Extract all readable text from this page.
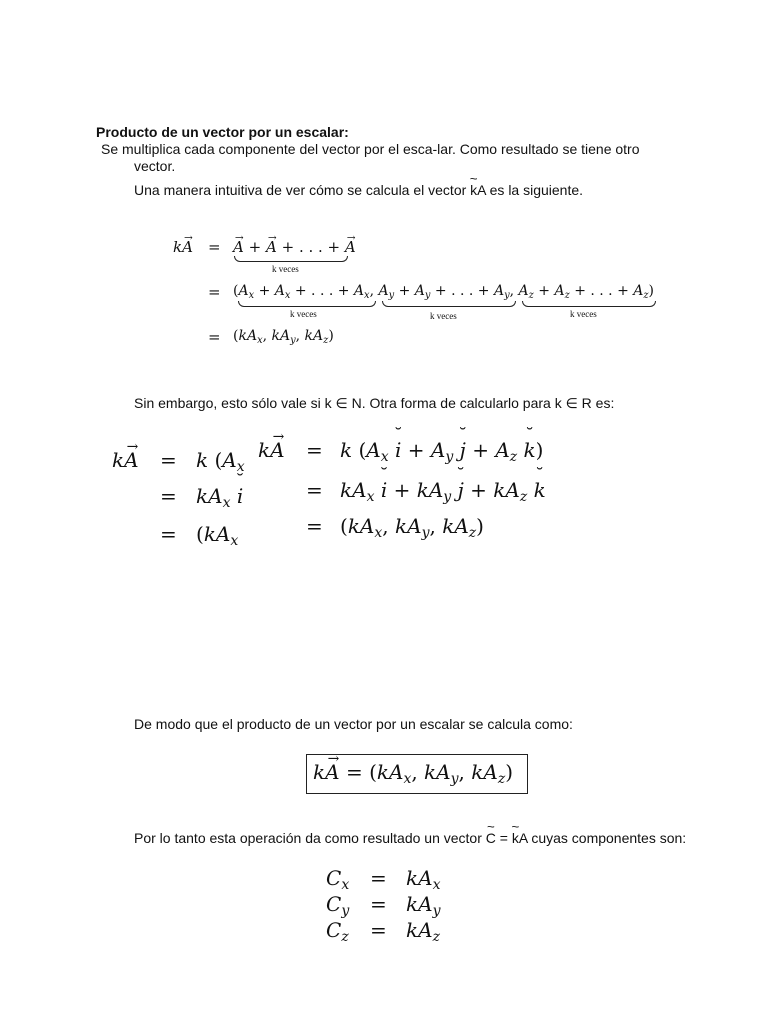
Producto de un vector por un escalar:
Se multiplica cada componente del vector por el esca-lar. Como resultado se tiene otro
vector.
Una manera intuitiva de ver cómo se calcula el vector ~ kA es la siguiente.
k→ A = → A + → A + . . . + → A
k veces
= ($A_x + A_x$ + . . . + $A_x$, $A_y + A_y$ + . . . + $A_y$, $A_z + A_z$ + . . . + $A_z$)
k veces	k veces	k veces
= ($kA_x$, $kA_y$, $kA_z$)
Sin embargo, esto sólo vale si k ∈ N. Otra forma de calcularlo para k ∈ R es:
k→ A = k ($A_x$
= $kA_x$ ˘ i
= ($kA_x$
k→ A = k ($A_x$ ˘ $i + A_y$ ˘ $j + A_z$ ˘ k)
= $kA_x$ ˘ $i + kA_y$ ˘ $j + kA_z$ ˘ k
= ($kA_x$, $kA_y$, $kA_z$)
De modo que el producto de un vector por un escalar se calcula como:
$k\to A = (kA_x$, $kA_y$, $kA_z$)
Por lo tanto esta operación da como resultado un vector ~ C = ~ kA cuyas componentes son:
$C_x = kA_x$
$C_y = kA_y$
$C_z = kA_z$
